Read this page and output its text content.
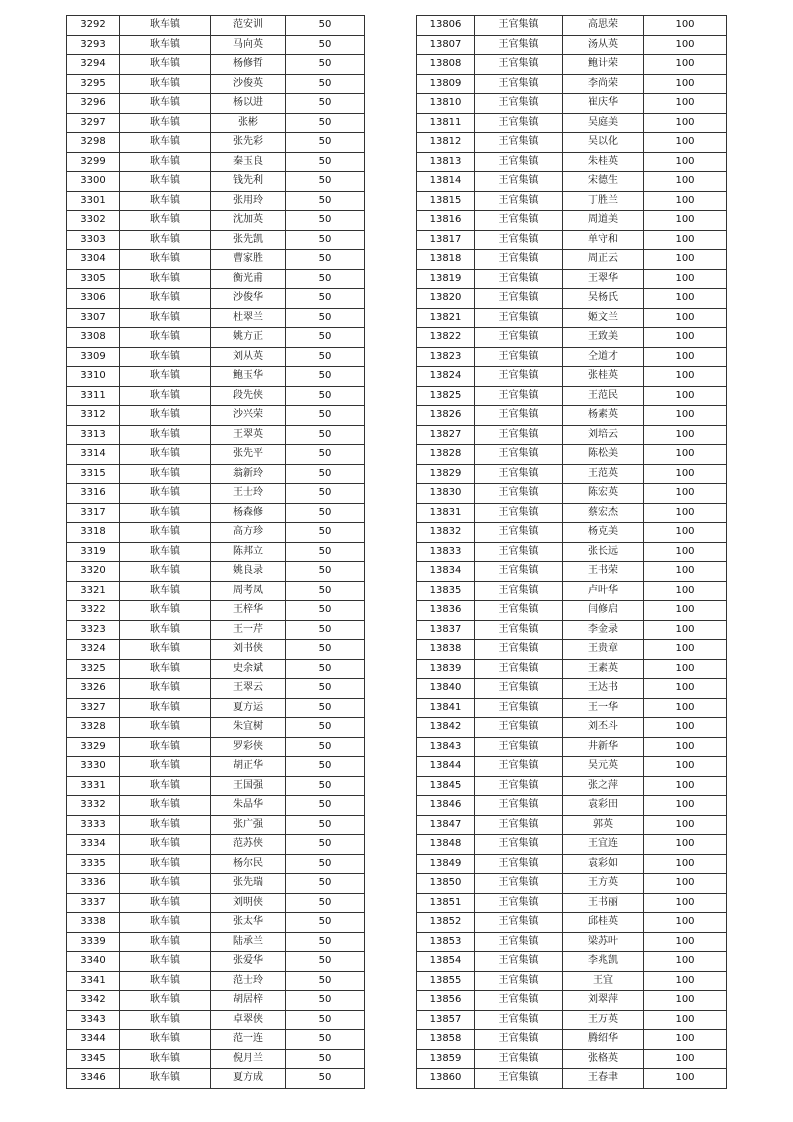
3292	耿车镇	范安训	50
3293	耿车镇	马向英	50
3294	耿车镇	杨修哲	50
3295	耿车镇	沙俊英	50
3296	耿车镇	杨以进	50
3297	耿车镇	张彬	50
3298	耿车镇	张先彩	50
3299	耿车镇	秦玉良	50
3300	耿车镇	钱先利	50
3301	耿车镇	张用玲	50
3302	耿车镇	沈加英	50
3303	耿车镇	张先凯	50
3304	耿车镇	曹家胜	50
3305	耿车镇	衡光甫	50
3306	耿车镇	沙俊华	50
3307	耿车镇	杜翠兰	50
3308	耿车镇	姚方正	50
3309	耿车镇	刘从英	50
3310	耿车镇	鲍玉华	50
3311	耿车镇	段先侠	50
3312	耿车镇	沙兴荣	50
3313	耿车镇	王翠英	50
3314	耿车镇	张先平	50
3315	耿车镇	翁新玲	50
3316	耿车镇	王士玲	50
3317	耿车镇	杨森修	50
3318	耿车镇	高方珍	50
3319	耿车镇	陈邦立	50
3320	耿车镇	姚良录	50
3321	耿车镇	周考凤	50
3322	耿车镇	王梓华	50
3323	耿车镇	王一芹	50
3324	耿车镇	刘书侠	50
3325	耿车镇	史余斌	50
3326	耿车镇	王翠云	50
3327	耿车镇	夏方运	50
3328	耿车镇	朱宜树	50
3329	耿车镇	罗彩侠	50
3330	耿车镇	胡正华	50
3331	耿车镇	王国强	50
3332	耿车镇	朱品华	50
3333	耿车镇	张广强	50
3334	耿车镇	范苏侠	50
3335	耿车镇	杨尔民	50
3336	耿车镇	张先瑞	50
3337	耿车镇	刘明侠	50
3338	耿车镇	张太华	50
3339	耿车镇	陆承兰	50
3340	耿车镇	张爱华	50
3341	耿车镇	范士玲	50
3342	耿车镇	胡居梓	50
3343	耿车镇	卓翠侠	50
3344	耿车镇	范一连	50
3345	耿车镇	倪月兰	50
3346	耿车镇	夏方成	50
13806	王官集镇	高思荣	100
13807	王官集镇	汤从英	100
13808	王官集镇	鲍计荣	100
13809	王官集镇	李尚荣	100
13810	王官集镇	崔庆华	100
13811	王官集镇	吴庭美	100
13812	王官集镇	吴以化	100
13813	王官集镇	朱桂英	100
13814	王官集镇	宋德生	100
13815	王官集镇	丁胜兰	100
13816	王官集镇	周道美	100
13817	王官集镇	单守和	100
13818	王官集镇	周正云	100
13819	王官集镇	王翠华	100
13820	王官集镇	吴杨氏	100
13821	王官集镇	姬文兰	100
13822	王官集镇	王致美	100
13823	王官集镇	仝道才	100
13824	王官集镇	张桂英	100
13825	王官集镇	王范民	100
13826	王官集镇	杨素英	100
13827	王官集镇	刘培云	100
13828	王官集镇	陈松美	100
13829	王官集镇	王范英	100
13830	王官集镇	陈宏英	100
13831	王官集镇	蔡宏杰	100
13832	王官集镇	杨克美	100
13833	王官集镇	张长远	100
13834	王官集镇	王书荣	100
13835	王官集镇	卢叶华	100
13836	王官集镇	闫修启	100
13837	王官集镇	李金录	100
13838	王官集镇	王贵章	100
13839	王官集镇	王素英	100
13840	王官集镇	王达书	100
13841	王官集镇	王一华	100
13842	王官集镇	刘丕斗	100
13843	王官集镇	井新华	100
13844	王官集镇	吴元英	100
13845	王官集镇	张之萍	100
13846	王官集镇	袁彩田	100
13847	王官集镇	郭英	100
13848	王官集镇	王宜连	100
13849	王官集镇	袁彩如	100
13850	王官集镇	王方英	100
13851	王官集镇	王书丽	100
13852	王官集镇	邱桂英	100
13853	王官集镇	梁苏叶	100
13854	王官集镇	李兆凯	100
13855	王官集镇	王宜	100
13856	王官集镇	刘翠萍	100
13857	王官集镇	王万英	100
13858	王官集镇	腾绍华	100
13859	王官集镇	张格英	100
13860	王官集镇	王春聿	100
